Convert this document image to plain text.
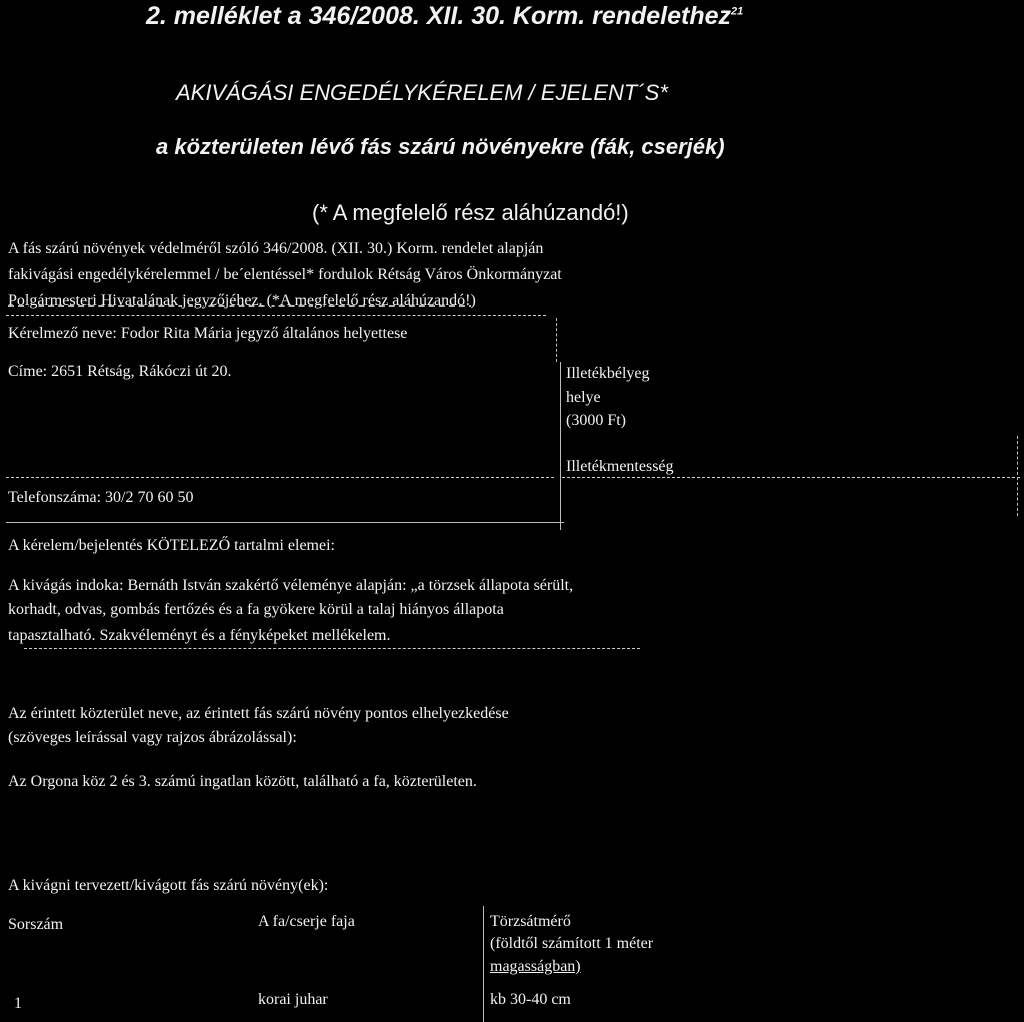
2. melléklet a 346/2008. XII. 30. Korm. rendelethez$^{21}$
AKIVÁGÁSI ENGEDÉLYKÉRELEM / EJELENT´S*
a közterületen lévő fás szárú növényekre (fák, cserjék)
(* A megfelelő rész aláhúzandó!)
A fás szárú növények védelméről szóló 346/2008. (XII. 30.) Korm. rendelet alapján
fakivágási engedélykérelemmel / be´elentéssel* fordulok Rétság Város Önkormányzat
Polgármesteri Hivatalának jegyzőjéhez. (*A megfelelő rész aláhúzandó!)
Kérelmező neve: Fodor Rita Mária jegyző általános helyettese
Címe: 2651 Rétság, Rákóczi út 20.
Telefonszáma: 30/2 70 60 50
Illetékbélyeg
helye
(3000 Ft)
Illetékmentesség
A kérelem/bejelentés KÖTELEZŐ tartalmi elemei:
A kivágás indoka: Bernáth István szakértő véleménye alapján: „a törzsek állapota sérült,
korhadt, odvas, gombás fertőzés és a fa gyökere körül a talaj hiányos állapota
tapasztalható. Szakvéleményt és a fényképeket mellékelem.
Az érintett közterület neve, az érintett fás szárú növény pontos elhelyezkedése
(szöveges leírással vagy rajzos ábrázolással):
Az Orgona köz 2 és 3. számú ingatlan között, található a fa, közterületen.
A kivágni tervezett/kivágott fás szárú növény(ek):
Sorszám	A fa/cserje faja	Törzsátmérő
(földtől számított 1 méter
magasságban)
1	korai juhar	kb 30-40 cm
